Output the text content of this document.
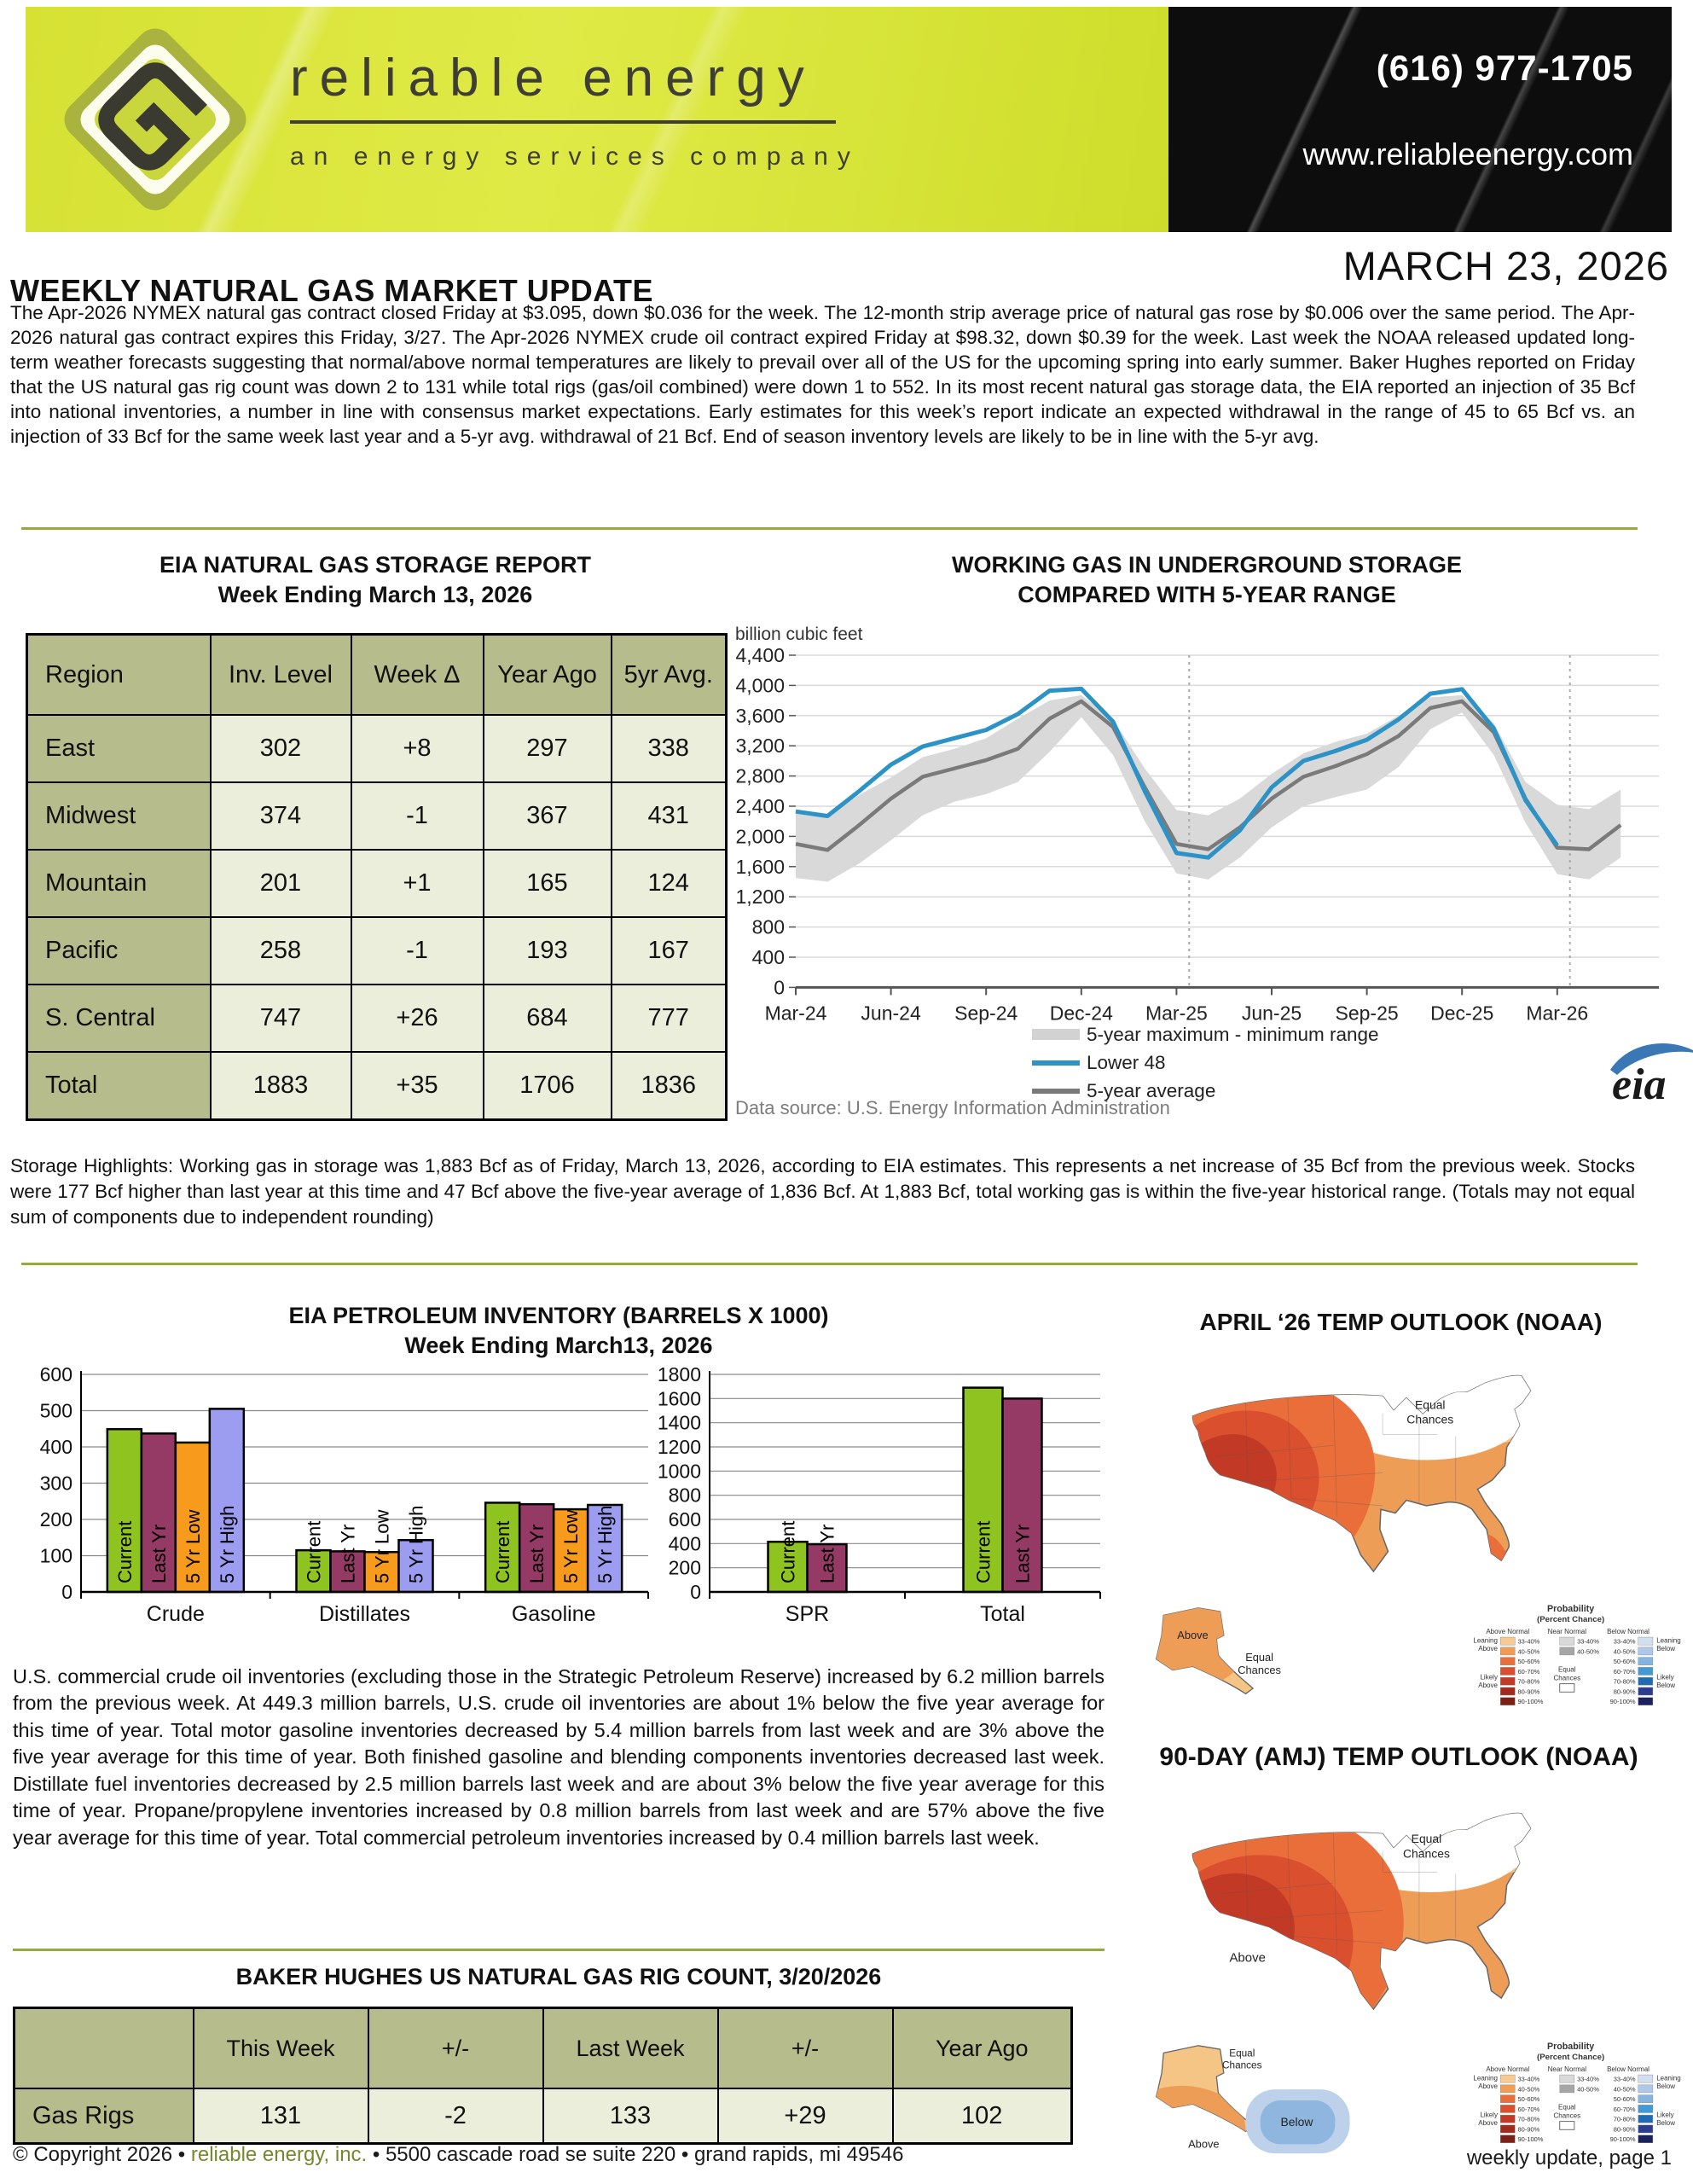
reliable energy
an energy services company
(616) 977-1705
www.reliableenergy.com
WEEKLY NATURAL GAS MARKET UPDATE
MARCH 23, 2026

The Apr-2026 NYMEX natural gas contract closed Friday at $3.095, down $0.036 for the week. The 12-month strip average price of natural gas rose by $0.006 over the same period. The Apr-2026 natural gas contract expires this Friday, 3/27. The Apr-2026 NYMEX crude oil contract expired Friday at $98.32, down $0.39 for the week. Last week the NOAA released updated long-term weather forecasts suggesting that normal/above normal temperatures are likely to prevail over all of the US for the upcoming spring into early summer. Baker Hughes reported on Friday that the US natural gas rig count was down 2 to 131 while total rigs (gas/oil combined) were down 1 to 552. In its most recent natural gas storage data, the EIA reported an injection of 35 Bcf into national inventories, a number in line with consensus market expectations. Early estimates for this week’s report indicate an expected withdrawal in the range of 45 to 65 Bcf vs. an injection of 33 Bcf for the same week last year and a 5-yr avg. withdrawal of 21 Bcf. End of season inventory levels are likely to be in line with the 5-yr avg.

EIA NATURAL GAS STORAGE REPORT
Week Ending March 13, 2026
WORKING GAS IN UNDERGROUND STORAGE
COMPARED WITH 5-YEAR RANGE
Region	Inv. Level	Week Δ	Year Ago	5yr Avg.
East	302	+8	297	338
Midwest	374	-1	367	431
Mountain	201	+1	165	124
Pacific	258	-1	193	167
S. Central	747	+26	684	777
Total	1883	+35	1706	1836
billion cubic feet
0
400
800
1,200
1,600
2,000
2,400
2,800
3,200
3,600
4,000
4,400
Mar-24 Jun-24 Sep-24 Dec-24 Mar-25 Jun-25 Sep-25 Dec-25 Mar-26
5-year maximum - minimum range
Lower 48
5-year average
Data source: U.S. Energy Information Administration	eia

Storage Highlights: Working gas in storage was 1,883 Bcf as of Friday, March 13, 2026, according to EIA estimates. This represents a net increase of 35 Bcf from the previous week. Stocks were 177 Bcf higher than last year at this time and 47 Bcf above the five-year average of 1,836 Bcf. At 1,883 Bcf, total working gas is within the five-year historical range. (Totals may not equal sum of components due to independent rounding)

EIA PETROLEUM INVENTORY (BARRELS X 1000)
Week Ending March13, 2026
0
100
200
300
400
500
600
Current Last Yr 5 Yr Low 5 Yr High
Crude
Current Last Yr 5 Yr Low 5 Yr High
Distillates
Current Last Yr 5 Yr Low 5 Yr High
Gasoline
0
200
400
600
800
1000
1200
1400
1600
1800
Current Last Yr
SPR
Current Last Yr
Total

U.S. commercial crude oil inventories (excluding those in the Strategic Petroleum Reserve) increased by 6.2 million barrels from the previous week. At 449.3 million barrels, U.S. crude oil inventories are about 1% below the five year average for this time of year. Total motor gasoline inventories decreased by 5.4 million barrels from last week and are 3% above the five year average for this time of year. Both finished gasoline and blending components inventories decreased last week. Distillate fuel inventories decreased by 2.5 million barrels last week and are about 3% below the five year average for this time of year. Propane/propylene inventories increased by 0.8 million barrels from last week and are 57% above the five year average for this time of year. Total commercial petroleum inventories increased by 0.4 million barrels last week.

APRIL ‘26 TEMP OUTLOOK (NOAA)
Equal
Chances
Above
Above
Above
Equal
Chances
Probability
(Percent Chance)
Above Normal	Near Normal	Below Normal
33-40%
40-50%
50-60%
60-70%
70-80%
80-90%
90-100%
33-40%
40-50%
Equal
Chances
33-40%
40-50%
50-60%
60-70%
70-80%
80-90%
90-100%
Leaning
Above
Likely
Above
Leaning
Below
Likely
Below
90-DAY (AMJ) TEMP OUTLOOK (NOAA)
Equal
Chances
Above
Equal
Chances
Below
Above
Probability
(Percent Chance)
Above Normal	Near Normal	Below Normal
33-40%
40-50%
50-60%
60-70%
70-80%
80-90%
90-100%
33-40%
40-50%
Equal
Chances
33-40%
40-50%
50-60%
60-70%
70-80%
80-90%
90-100%
Leaning
Above
Likely
Above
Leaning
Below
Likely
Below
BAKER HUGHES US NATURAL GAS RIG COUNT, 3/20/2026
	This Week	+/-	Last Week	+/-	Year Ago
Gas Rigs	131	-2	133	+29	102
© Copyright 2026 • reliable energy, inc. • 5500 cascade road se suite 220 • grand rapids, mi 49546	weekly update, page 1
